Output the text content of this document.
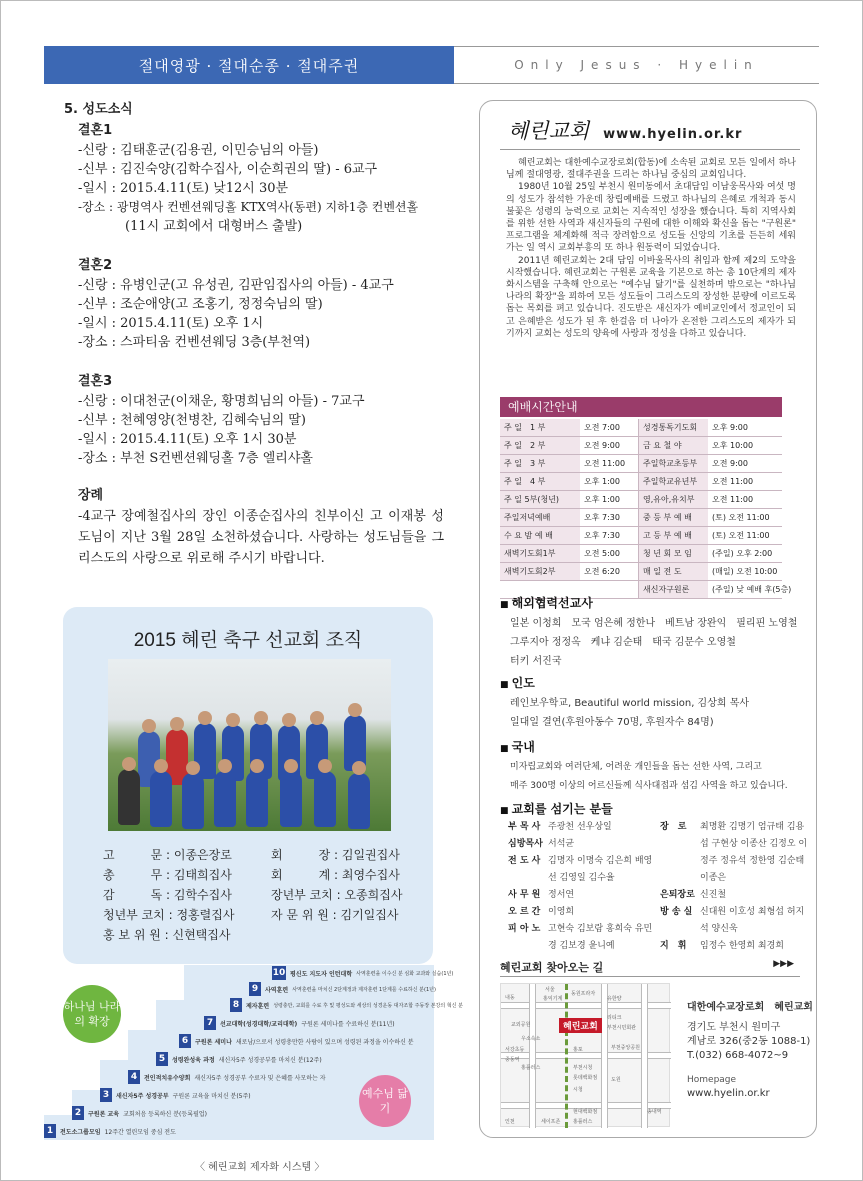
절대영광 · 절대순종 · 절대주권	Only Jesus · Hyelin
5. 성도소식
결혼1
-신랑 : 김태훈군(김용권, 이민승님의 아들)
-신부 : 김진숙양(김학수집사, 이순희권의 딸) - 6교구
-일시 : 2015.4.11(토) 낮12시 30분
-장소 : 광명역사 컨벤션웨딩홀 KTX역사(동편) 지하1층 컨벤션홀
(11시 교회에서 대형버스 출발)
결혼2
-신랑 : 유병인군(고 유성권, 김판임집사의 아들) - 4교구
-신부 : 조순애양(고 조홍기, 정정숙님의 딸)
-일시 : 2015.4.11(토) 오후 1시
-장소 : 스파티움 컨벤션웨딩 3층(부천역)
결혼3
-신랑 : 이대천군(이채운, 황명희님의 아들) - 7교구
-신부 : 천혜영양(천병찬, 김혜숙님의 딸)
-일시 : 2015.4.11(토) 오후 1시 30분
-장소 : 부천 S컨벤션웨딩홀 7층 엘리샤홀
장례
-4교구 장예철집사의 장인 이종순집사의 친부이신 고 이재봉 성도님이 지난 3월 28일 소천하셨습니다. 사랑하는 성도님들을 그리스도의 사랑으로 위로해 주시기 바랍니다.
2015 혜린 축구 선교회 조직
고　　　문 : 이종은장로	회　　　장 : 김일권집사
총　　　무 : 김태희집사	회　　　계 : 최영수집사
감　　　독 : 김학수집사	장년부 코치 : 오종희집사
청년부 코치 : 정홍렬집사	자 문 위 원 : 김기일집사
홍 보 위 원 : 신현택집사
하나님 나라의 확장
예수님 닮기
1	전도소그룹모임 12주간 열린모임 중심 전도
2	구원론 교육 교회처음 등록하신 분(등록필업)
3	새신자5주 성경공부 구원론 교육을 마치신 분(5주)
4	전인적치유수양회 새신자5주 성경공부 수료자 및 은혜를 사모하는 자
5	성령완성육 과정 새신자5주 성경공부를 마치신 분(12주)
6	구원론 세미나 새로남/으로서 성령충만한 사람이 있으며 성령된 과정을 이수하신 분
7	선교대학(성경대학/교리대학) 구원론 세미나를 수료하신 분(11년)
8	제자훈련 성령충만, 교회를 수료 후 및 평성도와 세상의 성경운동 대자조합 주동장 본강의 혁신 분
9	사역훈련 사역훈련을 마치신 2단계정과 제자훈련 1단계를 수료하신 분(1년)
10 평신도 지도자 인턴대학 사역훈련을 이수신 분 심화 교과와 실습(1년)
〈 혜린교회 제자화 시스템 〉
혜린교회 www.hyelin.or.kr

혜린교회는 대한예수교장로회(합동)에 소속된 교회로 모든 일에서 하나님께 절대영광, 절대주권을 드리는 하나님 중심의 교회입니다.

1980년 10월 25일 부천시 원미동에서 초대담임 이남웅목사와 여섯 명의 성도가 참석한 가운데 창립예배를 드렸고 하나님의 은혜로 개척과 동시 불꽃은 성령의 능력으로 교회는 지속적인 성장을 했습니다. 특히 지역사회를 위한 선한 사역과 새신자들의 구원에 대한 이해와 확신을 돕는 "구원론" 프로그램을 체계화해 적극 장려함으로 성도들 신앙의 기초를 든든히 세워가는 일 역시 교회부흥의 또 하나 원동력이 되었습니다.

2011년 혜린교회는 2대 담임 이바울목사의 취임과 함께 제2의 도약을 시작했습니다. 혜린교회는 구원론 교육을 기본으로 하는 총 10단계의 제자화시스템을 구축해 안으로는 "예수님 닮기"를 실천하며 밖으로는 "하나님 나라의 확장"을 꾀하여 모든 성도들이 그리스도의 장성한 분량에 이르도록 돕는 목회를 펴고 있습니다. 진도받은 새신자가 예비교인에서 정교인이 되고 은혜받은 성도가 된 후 한걸음 더 나아가 온전한 그리스도의 제자가 되기까지 교회는 성도의 양육에 사랑과 정성을 다하고 있습니다.

예배시간안내
주 일　1 부	오전 7:00	성경통독기도회	오후 9:00
주 일　2 부	오전 9:00	금 요 철 야	오후 10:00
주 일　3 부	오전 11:00	주일학교초등부	오전 9:00
주 일　4 부	오후 1:00	주일학교유년부	오전 11:00
주 일 5부(청년)	오후 1:00	영,유아,유치부	오전 11:00
주일저녁예배	오후 7:30	중 등 부 예 배	(토) 오전 11:00
수 요 밤 예 배	오후 7:30	고 등 부 예 배	(토) 오전 11:00
새벽기도회1부	오전 5:00	청 년 회 모 임	(주일) 오후 2:00
새벽기도회2부	오전 6:20	매 일 전 도	(매일) 오전 10:00
새신자구원론	(주일) 낮 예배 후(5층)
■ 해외협력선교사
일본 이청희　모국 엄은혜 정한나　베트남 장완익　필리핀 노영철
그루지아 정정옥　케냐 김순태　태국 김문수 오영철
터키 서진국
■ 인도
레인보우학교, Beautiful world mission, 김상희 목사
일대일 결연(후원아동수 70명, 후원자수 84명)
■ 국내
미자립교회와 여러단체, 어려운 개인들을 돕는 선한 사역, 그리고
매주 300명 이상의 어르신들께 식사대접과 섬김 사역을 하고 있습니다.
■ 교회를 섬기는 분들
부 목 사 주광천 선우상일
심방목사 서석균
전 도 사 김명자 이명숙 김은희 배영선 김영일 김수율
사 무 원 정서연
오 르 간 이영희
피 아 노 고현숙 김보람 홍희숙 유민경 김보경 윤니예
장　로	최명환 김명기 엄규태 김용섭 구현상 이종산 김정오 이정주 정유석 정한영 김순태 이종은
은퇴장로 신진철
방 송 실 신대원 이호성 최형섭 허지석 양신욱
지　휘	임정수 한영희 최경희
혜린교회 찾아오는 길	▶▶▶
혜린교회
서울
내동	홍익기계
동원프라자
유한양
교외공원
리티크
부천시민회관
우소속소
홍플러스
시청
부천중앙공원
서강초등	홍포
중동역
부천시청
롯데백화점	도원
현대백화점
홍플러스
세이프존
송내역
인천
대한예수교장로회　혜린교회
경기도 부천시 원미구
계남로 326(중2동 1088-1)
T.(032) 668-4072~9
Homepage
www.hyelin.or.kr
